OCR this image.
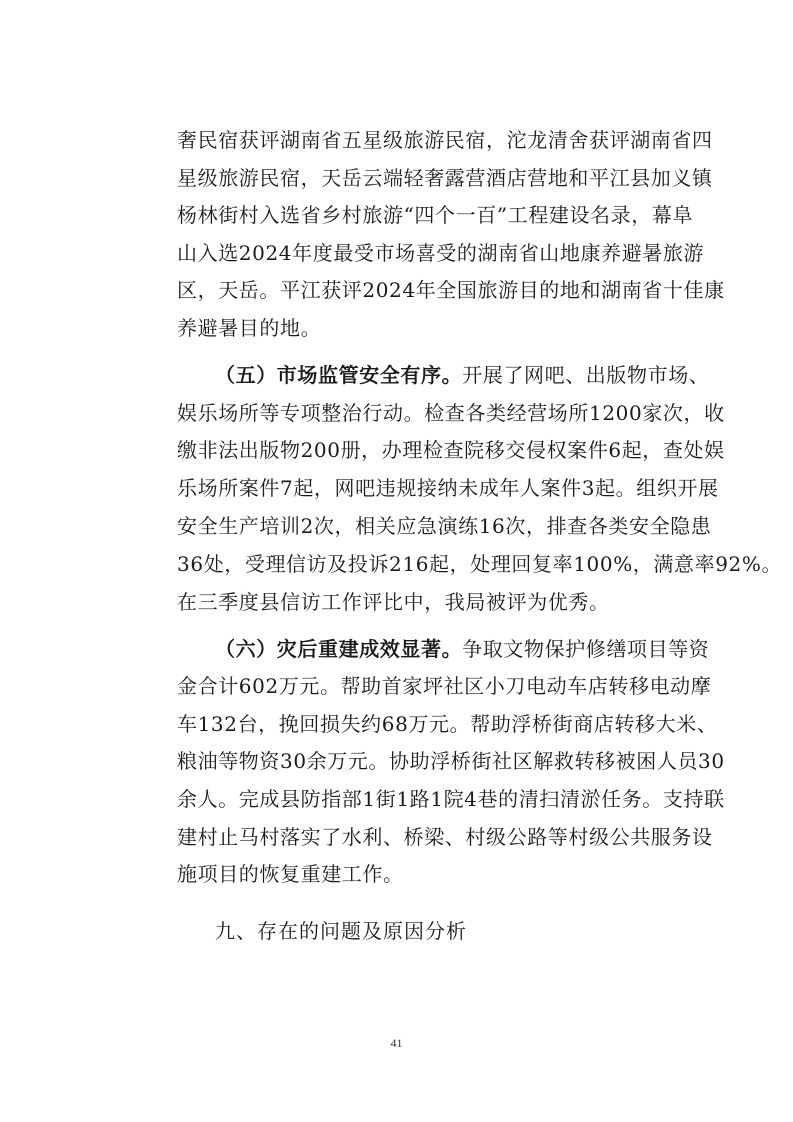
奢民宿获评湖南省五星级旅游民宿，沱龙清舍获评湖南省四
星级旅游民宿，天岳云端轻奢露营酒店营地和平江县加义镇
杨林街村入选省乡村旅游“四个一百”工程建设名录，幕阜
山入选2024年度最受市场喜受的湖南省山地康养避暑旅游
区，天岳。平江获评2024年全国旅游目的地和湖南省十佳康
养避暑目的地。
（五）市场监管安全有序。开展了网吧、出版物市场、
娱乐场所等专项整治行动。检查各类经营场所1200家次，收
缴非法出版物200册，办理检查院移交侵权案件6起，查处娱
乐场所案件7起，网吧违规接纳未成年人案件3起。组织开展
安全生产培训2次，相关应急演练16次，排查各类安全隐患
36处，受理信访及投诉216起，处理回复率100%，满意率92%。
在三季度县信访工作评比中，我局被评为优秀。
（六）灾后重建成效显著。争取文物保护修缮项目等资
金合计602万元。帮助首家坪社区小刀电动车店转移电动摩
车132台，挽回损失约68万元。帮助浮桥街商店转移大米、
粮油等物资30余万元。协助浮桥街社区解救转移被困人员30
余人。完成县防指部1街1路1院4巷的清扫清淤任务。支持联
建村止马村落实了水利、桥梁、村级公路等村级公共服务设
施项目的恢复重建工作。
九、存在的问题及原因分析
41
